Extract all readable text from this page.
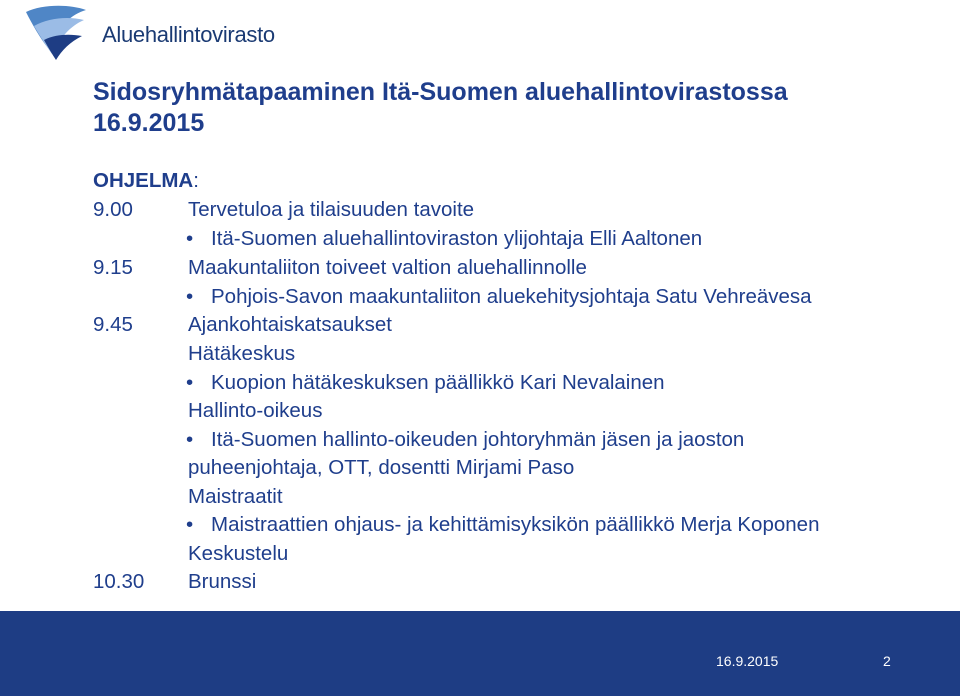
Aluehallintovirasto
Sidosryhmätapaaminen Itä-Suomen aluehallintovirastossa
16.9.2015
OHJELMA:
9.00	Tervetuloa ja tilaisuuden tavoite
• Itä-Suomen aluehallintoviraston ylijohtaja Elli Aaltonen
9.15	Maakuntaliiton toiveet valtion aluehallinnolle
• Pohjois-Savon maakuntaliiton aluekehitysjohtaja Satu Vehreävesa
9.45	Ajankohtaiskatsaukset
Hätäkeskus
• Kuopion hätäkeskuksen päällikkö Kari Nevalainen
Hallinto-oikeus
• Itä-Suomen hallinto-oikeuden johtoryhmän jäsen ja jaoston
puheenjohtaja, OTT, dosentti Mirjami Paso
Maistraatit
• Maistraattien ohjaus- ja kehittämisyksikön päällikkö Merja Koponen
Keskustelu
10.30 Brunssi
16.9.2015	2
